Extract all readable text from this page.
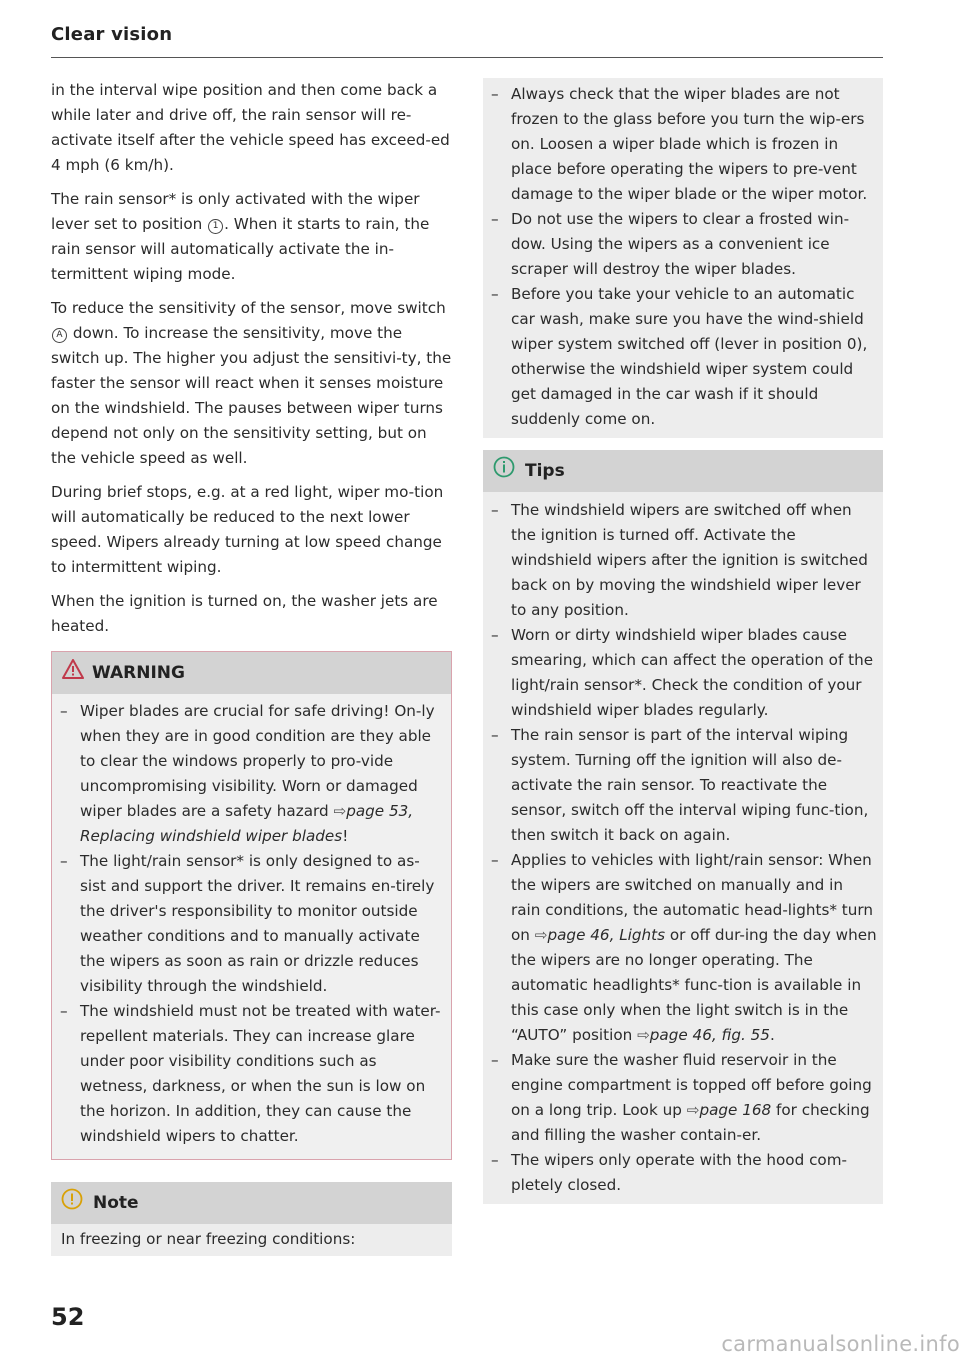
Clear vision

in the interval wipe position and then come back a while later and drive off, the rain sensor will re-activate itself after the vehicle speed has exceed-ed 4 mph (6 km/h).

The rain sensor* is only activated with the wiper lever set to position 1 . When it starts to rain, the rain sensor will automatically activate the in-termittent wiping mode.

To reduce the sensitivity of the sensor, move switch A down. To increase the sensitivity, move the switch up. The higher you adjust the sensitivi-ty, the faster the sensor will react when it senses moisture on the windshield. The pauses between wiper turns depend not only on the sensitivity setting, but on the vehicle speed as well.

During brief stops, e.g. at a red light, wiper mo-tion will automatically be reduced to the next lower speed. Wipers already turning at low speed change to intermittent wiping.

When the ignition is turned on, the washer jets are heated.

WARNING
– Wiper blades are crucial for safe driving! On-ly when they are in good condition are they able to clear the windows properly to pro-vide uncompromising visibility. Worn or damaged wiper blades are a safety hazard ⇨page 53, Replacing windshield wiper blades!
– The light/rain sensor* is only designed to as-sist and support the driver. It remains en-tirely the driver's responsibility to monitor outside weather conditions and to manually activate the wipers as soon as rain or drizzle reduces visibility through the windshield.
– The windshield must not be treated with water-repellent materials. They can increase glare under poor visibility conditions such as wetness, darkness, or when the sun is low on the horizon. In addition, they can cause the windshield wipers to chatter.
Note
In freezing or near freezing conditions:
– Always check that the wiper blades are not frozen to the glass before you turn the wip-ers on. Loosen a wiper blade which is frozen in place before operating the wipers to pre-vent damage to the wiper blade or the wiper motor.
– Do not use the wipers to clear a frosted win-dow. Using the wipers as a convenient ice scraper will destroy the wiper blades.
– Before you take your vehicle to an automatic car wash, make sure you have the wind-shield wiper system switched off (lever in position 0), otherwise the windshield wiper system could get damaged in the car wash if it should suddenly come on.
Tips
– The windshield wipers are switched off when the ignition is turned off. Activate the windshield wipers after the ignition is switched back on by moving the windshield wiper lever to any position.
– Worn or dirty windshield wiper blades cause smearing, which can affect the operation of the light/rain sensor*. Check the condition of your windshield wiper blades regularly.
– The rain sensor is part of the interval wiping system. Turning off the ignition will also de-activate the rain sensor. To reactivate the sensor, switch off the interval wiping func-tion, then switch it back on again.
– Applies to vehicles with light/rain sensor: When the wipers are switched on manually and in rain conditions, the automatic head-lights* turn on ⇨page 46, Lights or off dur-ing the day when the wipers are no longer operating. The automatic headlights* func-tion is available in this case only when the light switch is in the “AUTO” position ⇨page 46, fig. 55.
– Make sure the washer fluid reservoir in the engine compartment is topped off before going on a long trip. Look up ⇨page 168 for checking and filling the washer contain-er.
– The wipers only operate with the hood com-pletely closed.
52
carmanualsonline.info
